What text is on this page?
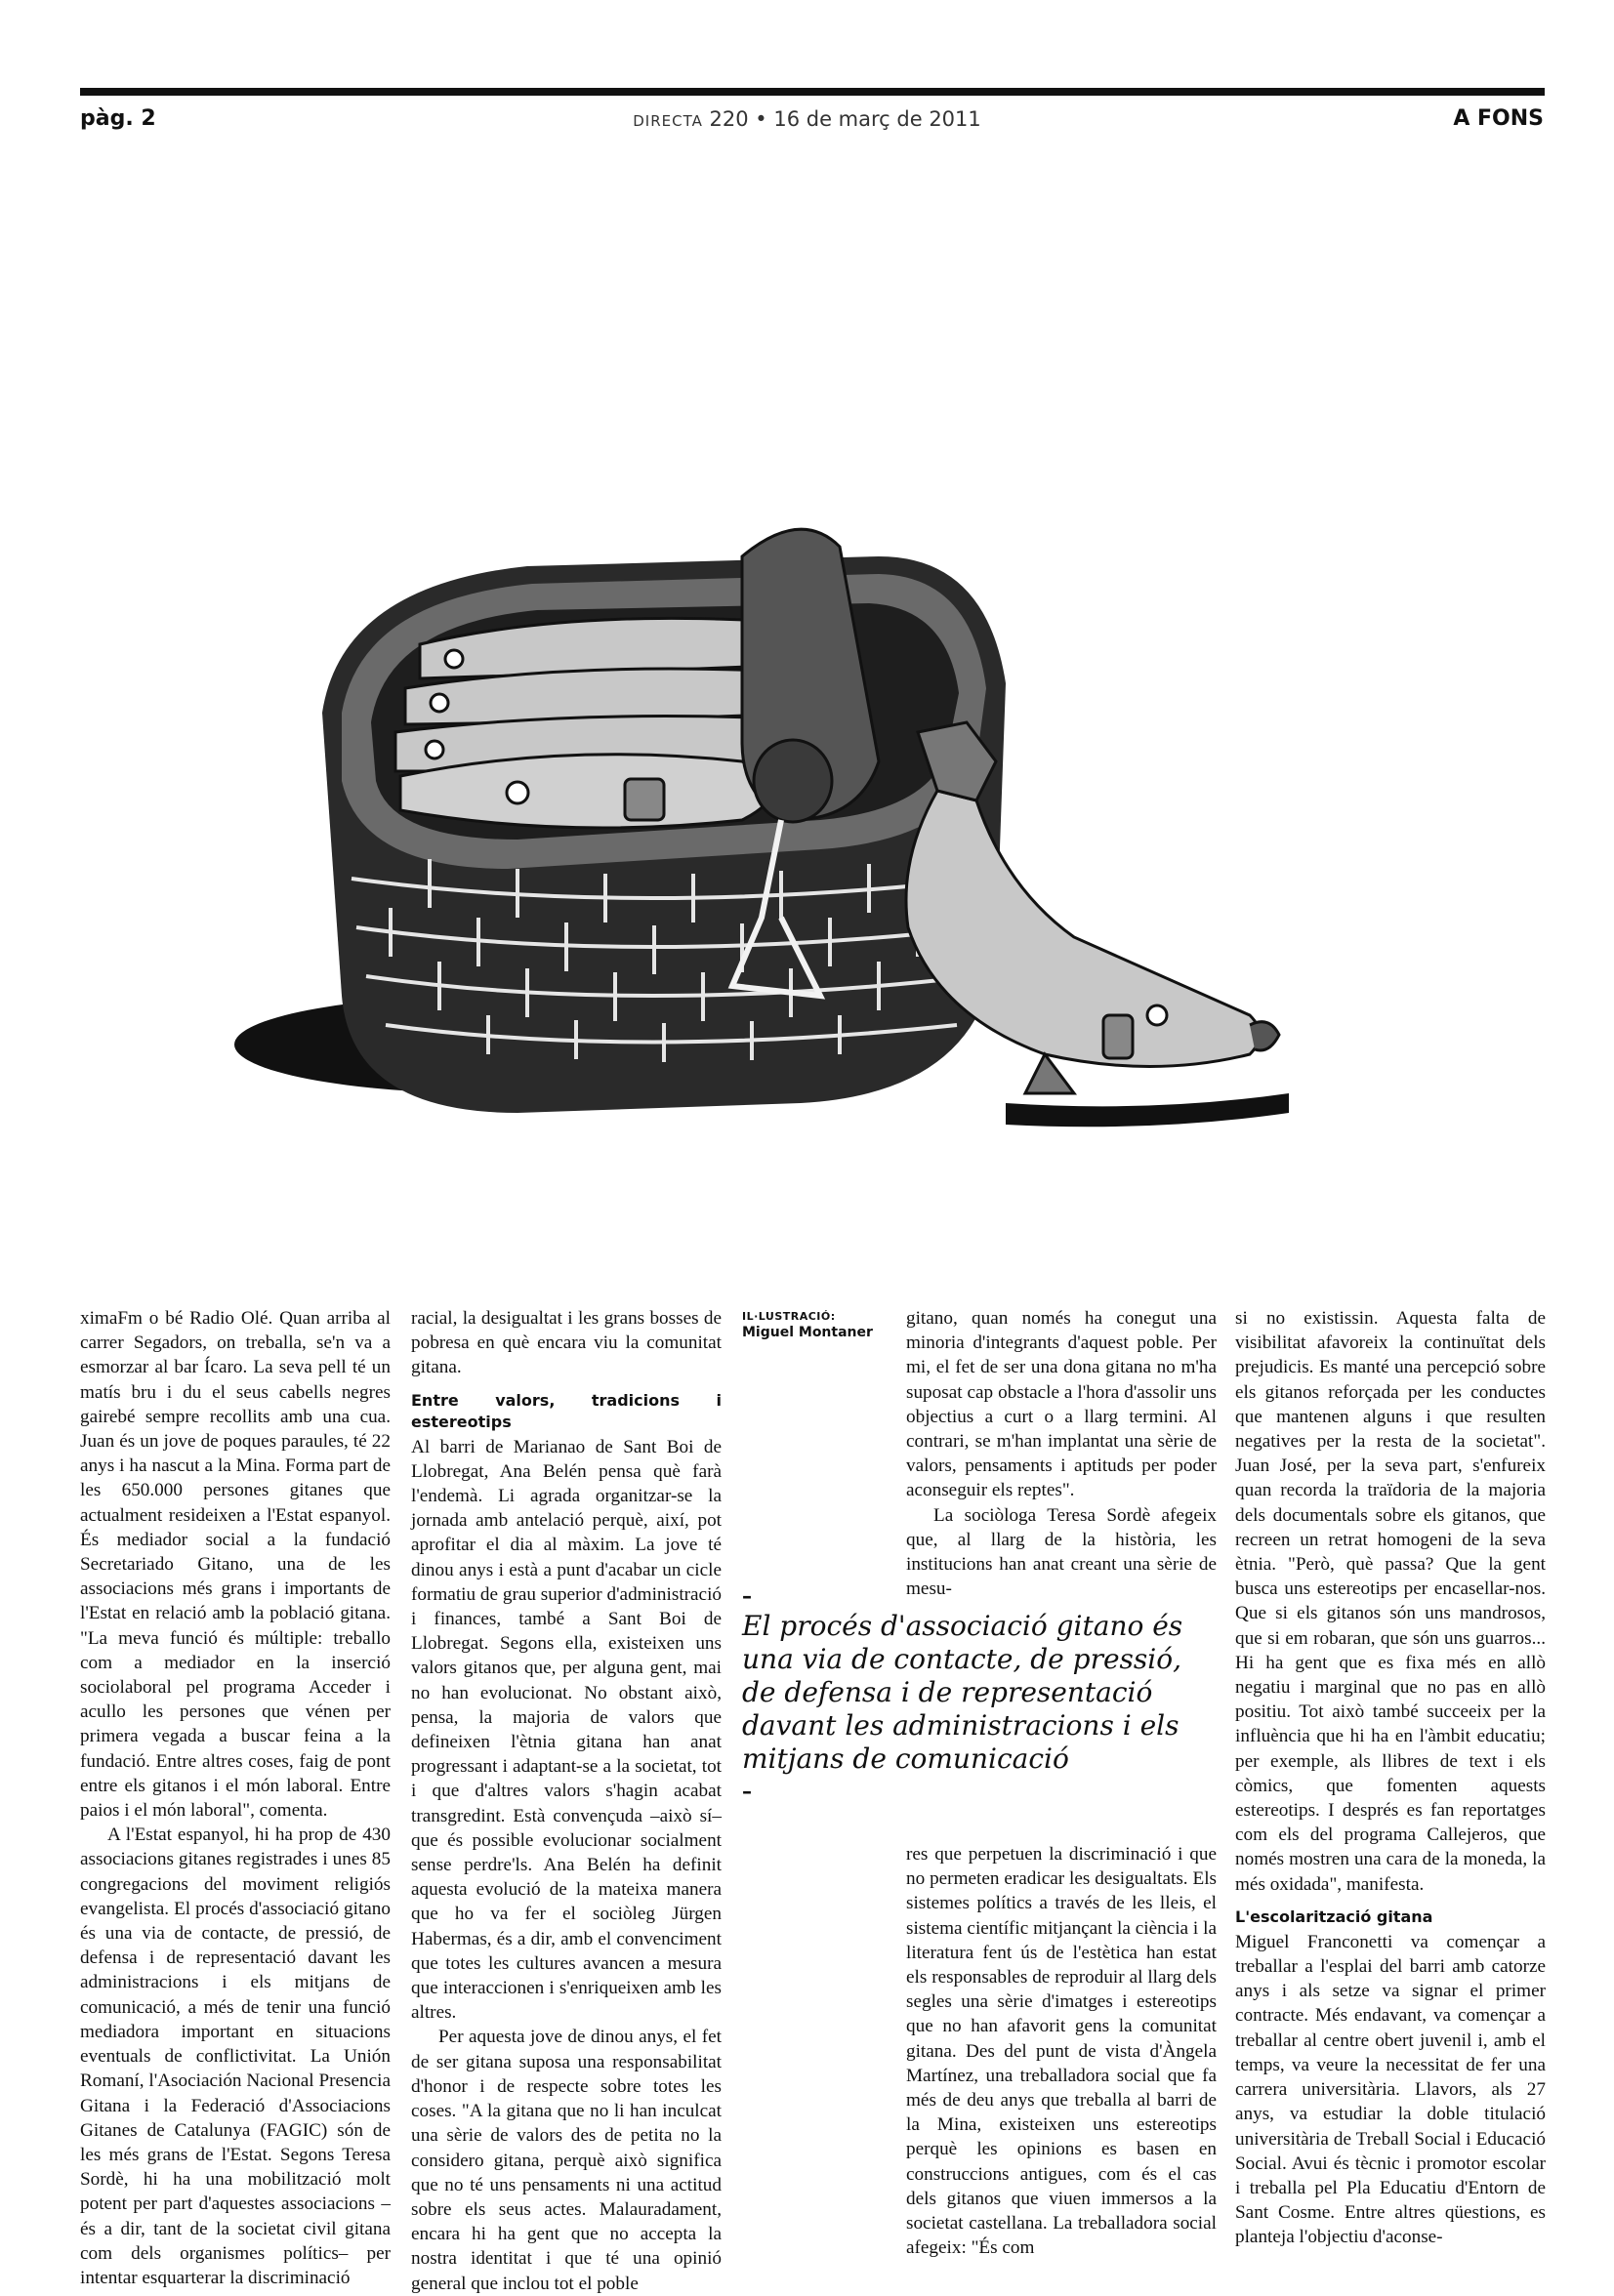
pàg. 2	DIRECTA 220 • 16 de març de 2011	A FONS

ximaFm o bé Radio Olé. Quan arriba al carrer Segadors, on treballa, se'n va a esmorzar al bar Ícaro. La seva pell té un matís bru i du el seus cabells negres gairebé sempre recollits amb una cua. Juan és un jove de poques paraules, té 22 anys i ha nascut a la Mina. Forma part de les 650.000 persones gitanes que actualment resideixen a l'Estat espanyol. És mediador social a la fundació Secretariado Gitano, una de les associacions més grans i importants de l'Estat en relació amb la població gitana. "La meva funció és múltiple: treballo com a mediador en la inserció sociolaboral pel programa Acceder i acullo les persones que vénen per primera vegada a buscar feina a la fundació. Entre altres coses, faig de pont entre els gitanos i el món laboral. Entre paios i el món laboral", comenta.

A l'Estat espanyol, hi ha prop de 430 associacions gitanes registrades i unes 85 congregacions del moviment religiós evangelista. El procés d'associació gitano és una via de contacte, de pressió, de defensa i de representació davant les administracions i els mitjans de comunicació, a més de tenir una funció mediadora important en situacions eventuals de conflictivitat. La Unión Romaní, l'Asociación Nacional Presencia Gitana i la Federació d'Associacions Gitanes de Catalunya (FAGIC) són de les més grans de l'Estat. Segons Teresa Sordè, hi ha una mobilització molt potent per part d'aquestes associacions –és a dir, tant de la societat civil gitana com dels organismes polítics– per intentar esquarterar la discriminació

racial, la desigualtat i les grans bosses de pobresa en què encara viu la comunitat gitana.

Entre valors, tradicions i estereotips

Al barri de Marianao de Sant Boi de Llobregat, Ana Belén pensa què farà l'endemà. Li agrada organitzar-se la jornada amb antelació perquè, així, pot aprofitar el dia al màxim. La jove té dinou anys i està a punt d'acabar un cicle formatiu de grau superior d'administració i finances, també a Sant Boi de Llobregat. Segons ella, existeixen uns valors gitanos que, per alguna gent, mai no han evolucionat. No obstant això, pensa, la majoria de valors que defineixen l'ètnia gitana han anat progressant i adaptant-se a la societat, tot i que d'altres valors s'hagin acabat transgredint. Està convençuda –això sí– que és possible evolucionar socialment sense perdre'ls. Ana Belén ha definit aquesta evolució de la mateixa manera que ho va fer el sociòleg Jürgen Habermas, és a dir, amb el convenciment que totes les cultures avancen a mesura que interaccionen i s'enriqueixen amb les altres.

Per aquesta jove de dinou anys, el fet de ser gitana suposa una responsabilitat d'honor i de respecte sobre totes les coses. "A la gitana que no li han inculcat una sèrie de valors des de petita no la considero gitana, perquè això significa que no té uns pensaments ni una actitud sobre els seus actes. Malauradament, encara hi ha gent que no accepta la nostra identitat i que té una opinió general que inclou tot el poble

IL·LUSTRACIÓ:
Miguel Montaner

gitano, quan només ha conegut una minoria d'integrants d'aquest poble. Per mi, el fet de ser una dona gitana no m'ha suposat cap obstacle a l'hora d'assolir uns objectius a curt o a llarg termini. Al contrari, se m'han implantat una sèrie de valors, pensaments i aptituds per poder aconseguir els reptes".

La sociòloga Teresa Sordè afegeix que, al llarg de la història, les institucions han anat creant una sèrie de mesu-

–
El procés d'associació gitano és una via de contacte, de pressió, de defensa i de representació davant les administracions i els mitjans de comunicació
–

res que perpetuen la discriminació i que no permeten eradicar les desigualtats. Els sistemes polítics a través de les lleis, el sistema científic mitjançant la ciència i la literatura fent ús de l'estètica han estat els responsables de reproduir al llarg dels segles una sèrie d'imatges i estereotips que no han afavorit gens la comunitat gitana. Des del punt de vista d'Àngela Martínez, una treballadora social que fa més de deu anys que treballa al barri de la Mina, existeixen uns estereotips perquè les opinions es basen en construccions antigues, com és el cas dels gitanos que viuen immersos a la societat castellana. La treballadora social afegeix: "És com

si no existissin. Aquesta falta de visibilitat afavoreix la continuïtat dels prejudicis. Es manté una percepció sobre els gitanos reforçada per les conductes que mantenen alguns i que resulten negatives per la resta de la societat". Juan José, per la seva part, s'enfureix quan recorda la traïdoria de la majoria dels documentals sobre els gitanos, que recreen un retrat homogeni de la seva ètnia. "Però, què passa? Que la gent busca uns estereotips per encasellar-nos. Que si els gitanos són uns mandrosos, que si em robaran, que són uns guarros... Hi ha gent que es fixa més en allò negatiu i marginal que no pas en allò positiu. Tot això també succeeix per la influència que hi ha en l'àmbit educatiu; per exemple, als llibres de text i els còmics, que fomenten aquests estereotips. I després es fan reportatges com els del programa Callejeros, que només mostren una cara de la moneda, la més oxidada", manifesta.

L'escolarització gitana

Miguel Franconetti va començar a treballar a l'esplai del barri amb catorze anys i als setze va signar el primer contracte. Més endavant, va començar a treballar al centre obert juvenil i, amb el temps, va veure la necessitat de fer una carrera universitària. Llavors, als 27 anys, va estudiar la doble titulació universitària de Treball Social i Educació Social. Avui és tècnic i promotor escolar i treballa pel Pla Educatiu d'Entorn de Sant Cosme. Entre altres qüestions, es planteja l'objectiu d'aconse-
